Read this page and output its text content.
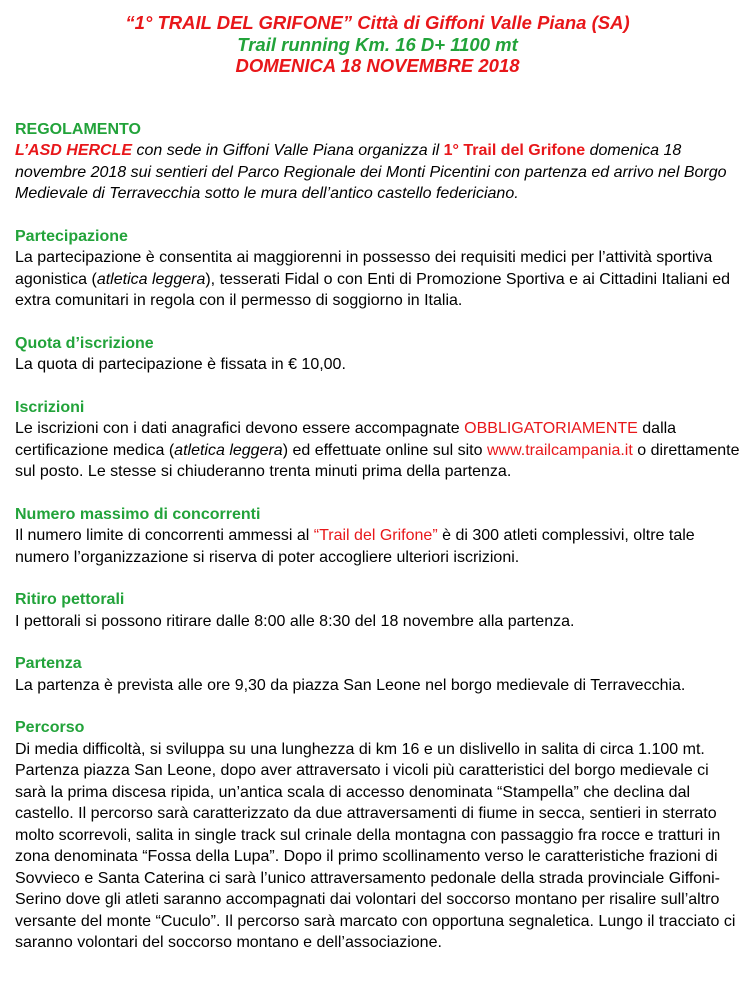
“1° TRAIL DEL GRIFONE” Città di Giffoni Valle Piana (SA)
Trail running Km. 16 D+ 1100 mt
DOMENICA 18 NOVEMBRE 2018
REGOLAMENTO
L’ASD HERCLE con sede in Giffoni Valle Piana organizza il 1° Trail del Grifone domenica 18 novembre 2018 sui sentieri del Parco Regionale dei Monti Picentini con partenza ed arrivo nel Borgo Medievale di Terravecchia sotto le mura dell’antico castello federiciano.
Partecipazione
La partecipazione è consentita ai maggiorenni in possesso dei requisiti medici per l’attività sportiva agonistica (atletica leggera), tesserati Fidal o con Enti di Promozione Sportiva e ai Cittadini Italiani ed extra comunitari in regola con il permesso di soggiorno in Italia.
Quota d’iscrizione
La quota di partecipazione è fissata in € 10,00.
Iscrizioni
Le iscrizioni con i dati anagrafici devono essere accompagnate OBBLIGATORIAMENTE dalla certificazione medica (atletica leggera) ed effettuate online sul sito www.trailcampania.it o direttamente sul posto. Le stesse si chiuderanno trenta minuti prima della partenza.
Numero massimo di concorrenti
Il numero limite di concorrenti ammessi al “Trail del Grifone” è di 300 atleti complessivi, oltre tale numero l’organizzazione si riserva di poter accogliere ulteriori iscrizioni.
Ritiro pettorali
I pettorali si possono ritirare dalle 8:00 alle 8:30 del 18 novembre alla partenza.
Partenza
La partenza è prevista alle ore 9,30 da piazza San Leone nel borgo medievale di Terravecchia.
Percorso
Di media difficoltà, si sviluppa su una lunghezza di km 16 e un dislivello in salita di circa 1.100 mt. Partenza piazza San Leone, dopo aver attraversato i vicoli più caratteristici del borgo medievale ci sarà la prima discesa ripida, un’antica scala di accesso denominata “Stampella” che declina dal castello. Il percorso sarà caratterizzato da due attraversamenti di fiume in secca, sentieri in sterrato molto scorrevoli, salita in single track sul crinale della montagna con passaggio fra rocce e tratturi in zona denominata “Fossa della Lupa”. Dopo il primo scollinamento verso le caratteristiche frazioni di Sovvieco e Santa Caterina ci sarà l’unico attraversamento pedonale della strada provinciale Giffoni-Serino dove gli atleti saranno accompagnati dai volontari del soccorso montano per risalire sull’altro versante del monte “Cuculo”. Il percorso sarà marcato con opportuna segnaletica. Lungo il tracciato ci saranno volontari del soccorso montano e dell’associazione.
